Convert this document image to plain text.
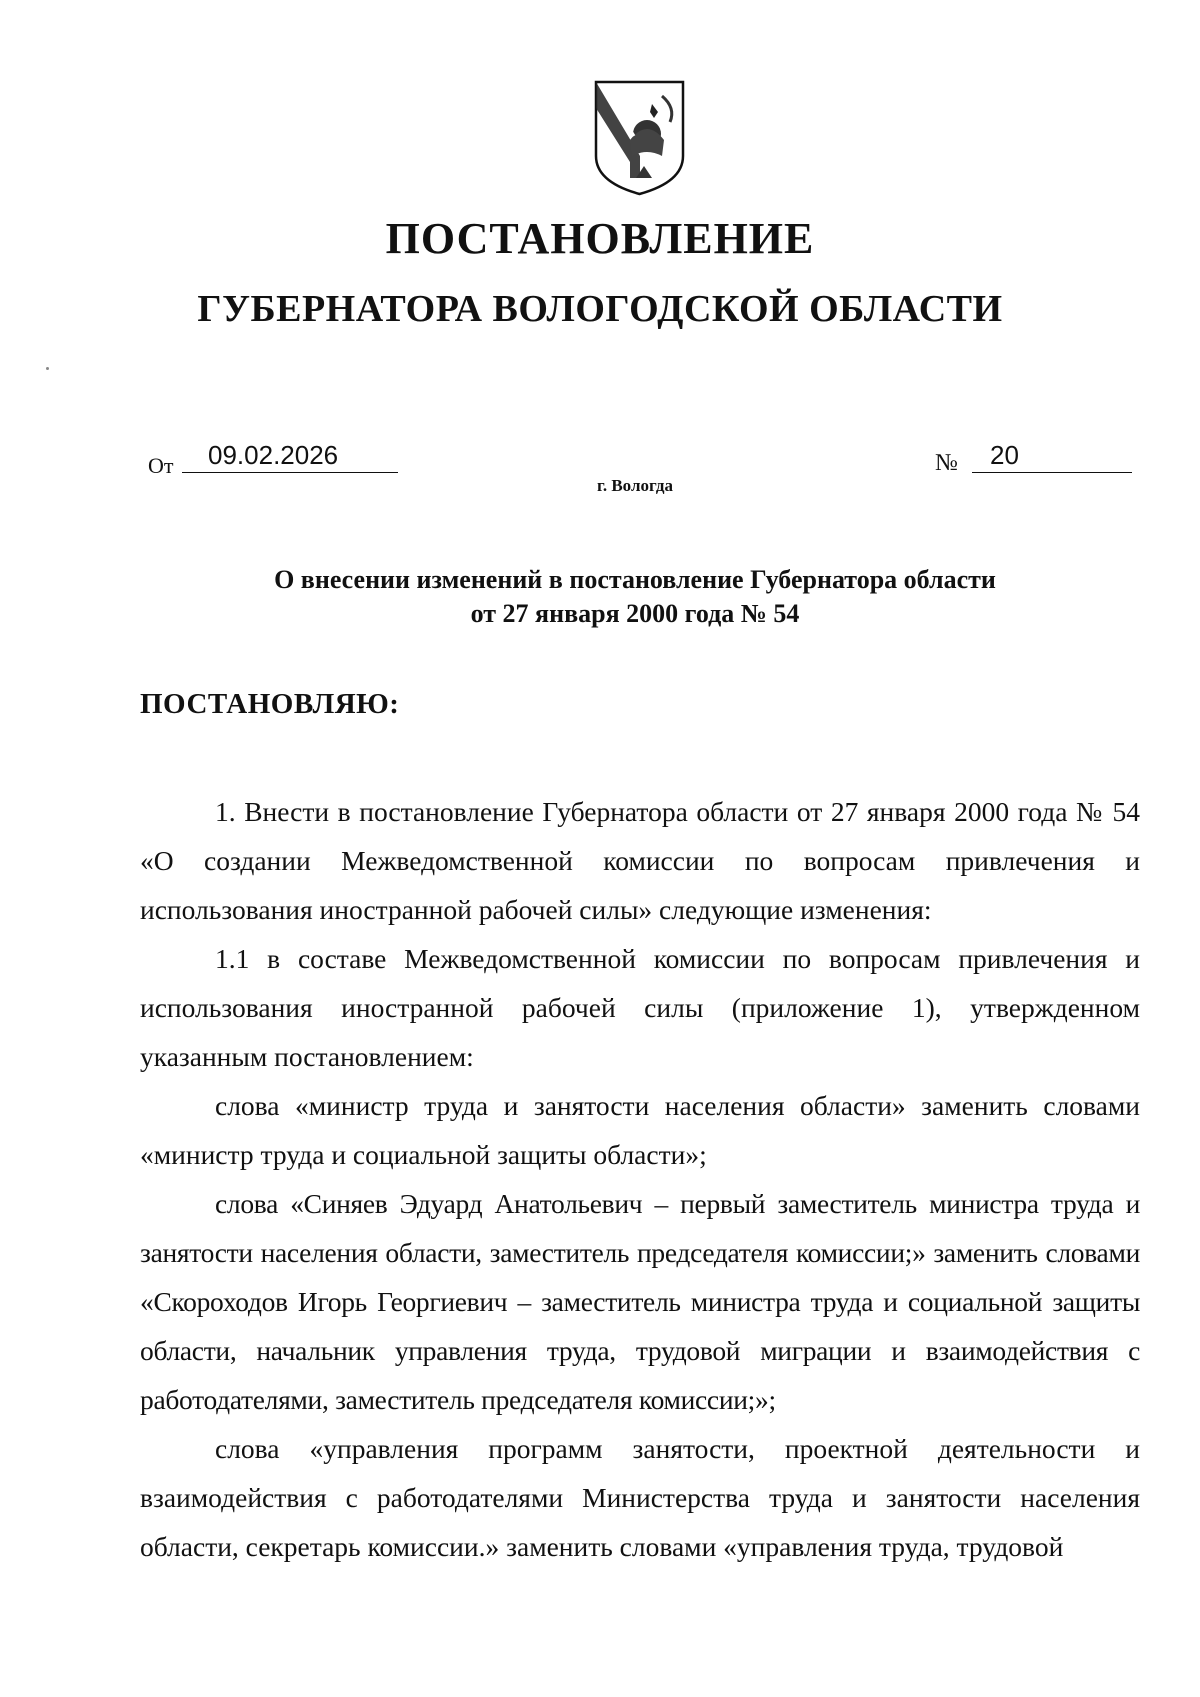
ПОСТАНОВЛЕНИЕ
ГУБЕРНАТОРА ВОЛОГОДСКОЙ ОБЛАСТИ
От 09.02.2026	№ 20
г. Вологда
О внесении изменений в постановление Губернатора области
от 27 января 2000 года № 54
ПОСТАНОВЛЯЮ:

1. Внести в постановление Губернатора области от 27 января 2000 года № 54 «О создании Межведомственной комиссии по вопросам привлечения и использования иностранной рабочей силы» следующие изменения:

1.1 в составе Межведомственной комиссии по вопросам привлечения и использования иностранной рабочей силы (приложение 1), утвержденном указанным постановлением:

слова «министр труда и занятости населения области» заменить словами «министр труда и социальной защиты области»;

слова «Синяев Эдуард Анатольевич – первый заместитель министра труда и занятости населения области, заместитель председателя комиссии;» заменить словами «Скороходов Игорь Георгиевич – заместитель министра труда и социальной защиты области, начальник управления труда, трудовой миграции и взаимодействия с работодателями, заместитель председателя комиссии;»;

слова «управления программ занятости, проектной деятельности и взаимодействия с работодателями Министерства труда и занятости населения области, секретарь комиссии.» заменить словами «управления труда, трудовой
